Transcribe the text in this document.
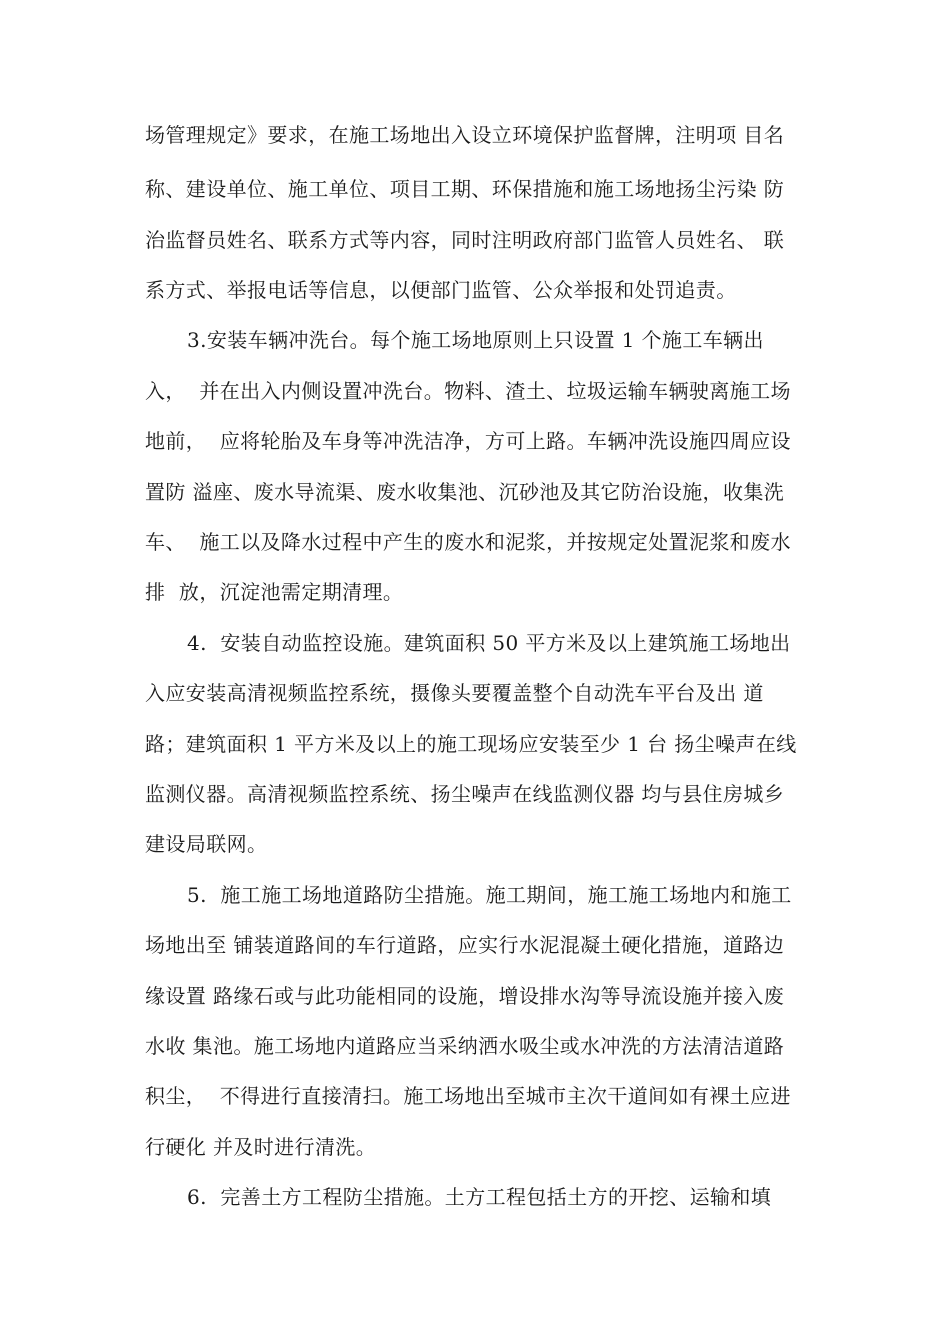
场管理规定》要求，在施工场地出入设立环境保护监督牌，注明项 目名
称、建设单位、施工单位、项目工期、环保措施和施工场地扬尘污染 防
治监督员姓名、联系方式等内容，同时注明政府部门监管人员姓名、 联
系方式、举报电话等信息，以便部门监管、公众举报和处罚追责。
3.安装车辆冲洗台。每个施工场地原则上只设置 1 个施工车辆出
入，  并在出入内侧设置冲洗台。物料、渣土、垃圾运输车辆驶离施工场
地前，  应将轮胎及车身等冲洗洁净，方可上路。车辆冲洗设施四周应设
置防 溢座、废水导流渠、废水收集池、沉砂池及其它防治设施，收集洗
车、  施工以及降水过程中产生的废水和泥浆，并按规定处置泥浆和废水
排  放，沉淀池需定期清理。
4.  安装自动监控设施。建筑面积 50 平方米及以上建筑施工场地出
入应安装高清视频监控系统，摄像头要覆盖整个自动洗车平台及出 道
路；建筑面积 1 平方米及以上的施工现场应安装至少 1 台 扬尘噪声在线
监测仪器。高清视频监控系统、扬尘噪声在线监测仪器 均与县住房城乡
建设局联网。
5.  施工施工场地道路防尘措施。施工期间，施工施工场地内和施工
场地出至 铺装道路间的车行道路，应实行水泥混凝土硬化措施，道路边
缘设置 路缘石或与此功能相同的设施，增设排水沟等导流设施并接入废
水收 集池。施工场地内道路应当采纳洒水吸尘或水冲洗的方法清洁道路
积尘，  不得进行直接清扫。施工场地出至城市主次干道间如有裸土应进
行硬化 并及时进行清洗。
6.  完善土方工程防尘措施。土方工程包括土方的开挖、运输和填
